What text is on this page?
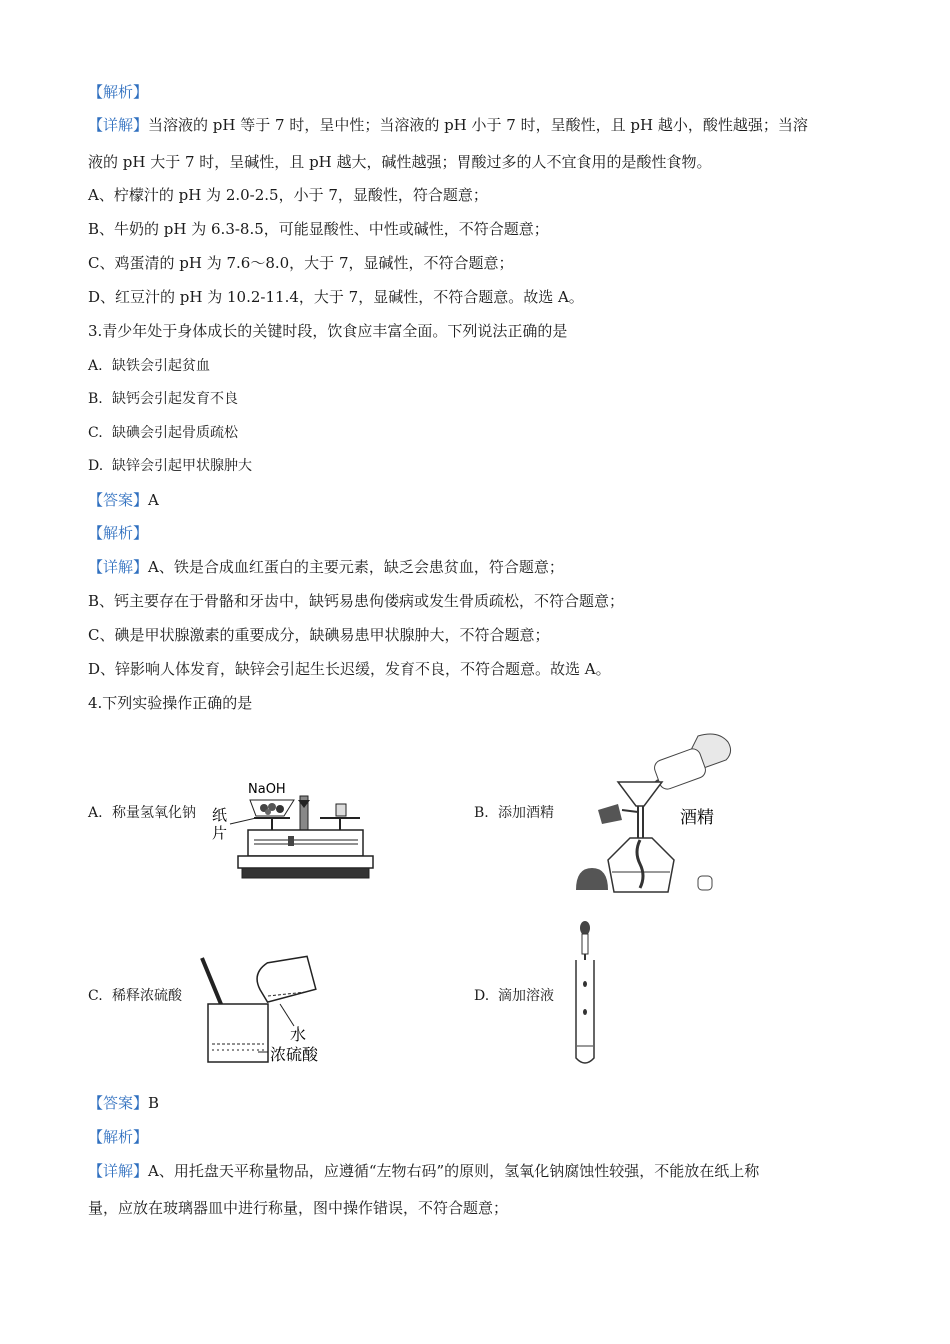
【解析】
【详解】当溶液的 pH 等于 7 时，呈中性；当溶液的 pH 小于 7 时，呈酸性，且 pH 越小，酸性越强；当溶
液的 pH 大于 7 时，呈碱性，且 pH 越大，碱性越强；胃酸过多的人不宜食用的是酸性食物。
A、柠檬汁的 pH 为 2.0-2.5，小于 7，显酸性，符合题意；
B、牛奶的 pH 为 6.3-8.5，可能显酸性、中性或碱性，不符合题意；
C、鸡蛋清的 pH 为 7.6～8.0，大于 7，显碱性，不符合题意；
D、红豆汁的 pH 为 10.2-11.4，大于 7，显碱性，不符合题意。故选 A。
3.青少年处于身体成长的关键时段，饮食应丰富全面。下列说法正确的是
A. 缺铁会引起贫血
B. 缺钙会引起发育不良
C. 缺碘会引起骨质疏松
D. 缺锌会引起甲状腺肿大
【答案】A
【解析】
【详解】A、铁是合成血红蛋白的主要元素，缺乏会患贫血，符合题意；
B、钙主要存在于骨骼和牙齿中，缺钙易患佝偻病或发生骨质疏松，不符合题意；
C、碘是甲状腺激素的重要成分，缺碘易患甲状腺肿大，不符合题意；
D、锌影响人体发育，缺锌会引起生长迟缓，发育不良，不符合题意。故选 A。
4.下列实验操作正确的是
A. 称量氢氧化钠	B. 添加酒精
C. 稀释浓硫酸	D. 滴加溶液
NaOH
纸
片
酒精
水
浓硫酸
【答案】B
【解析】
【详解】A、用托盘天平称量物品，应遵循“左物右码”的原则，氢氧化钠腐蚀性较强，不能放在纸上称
量，应放在玻璃器皿中进行称量，图中操作错误，不符合题意；
